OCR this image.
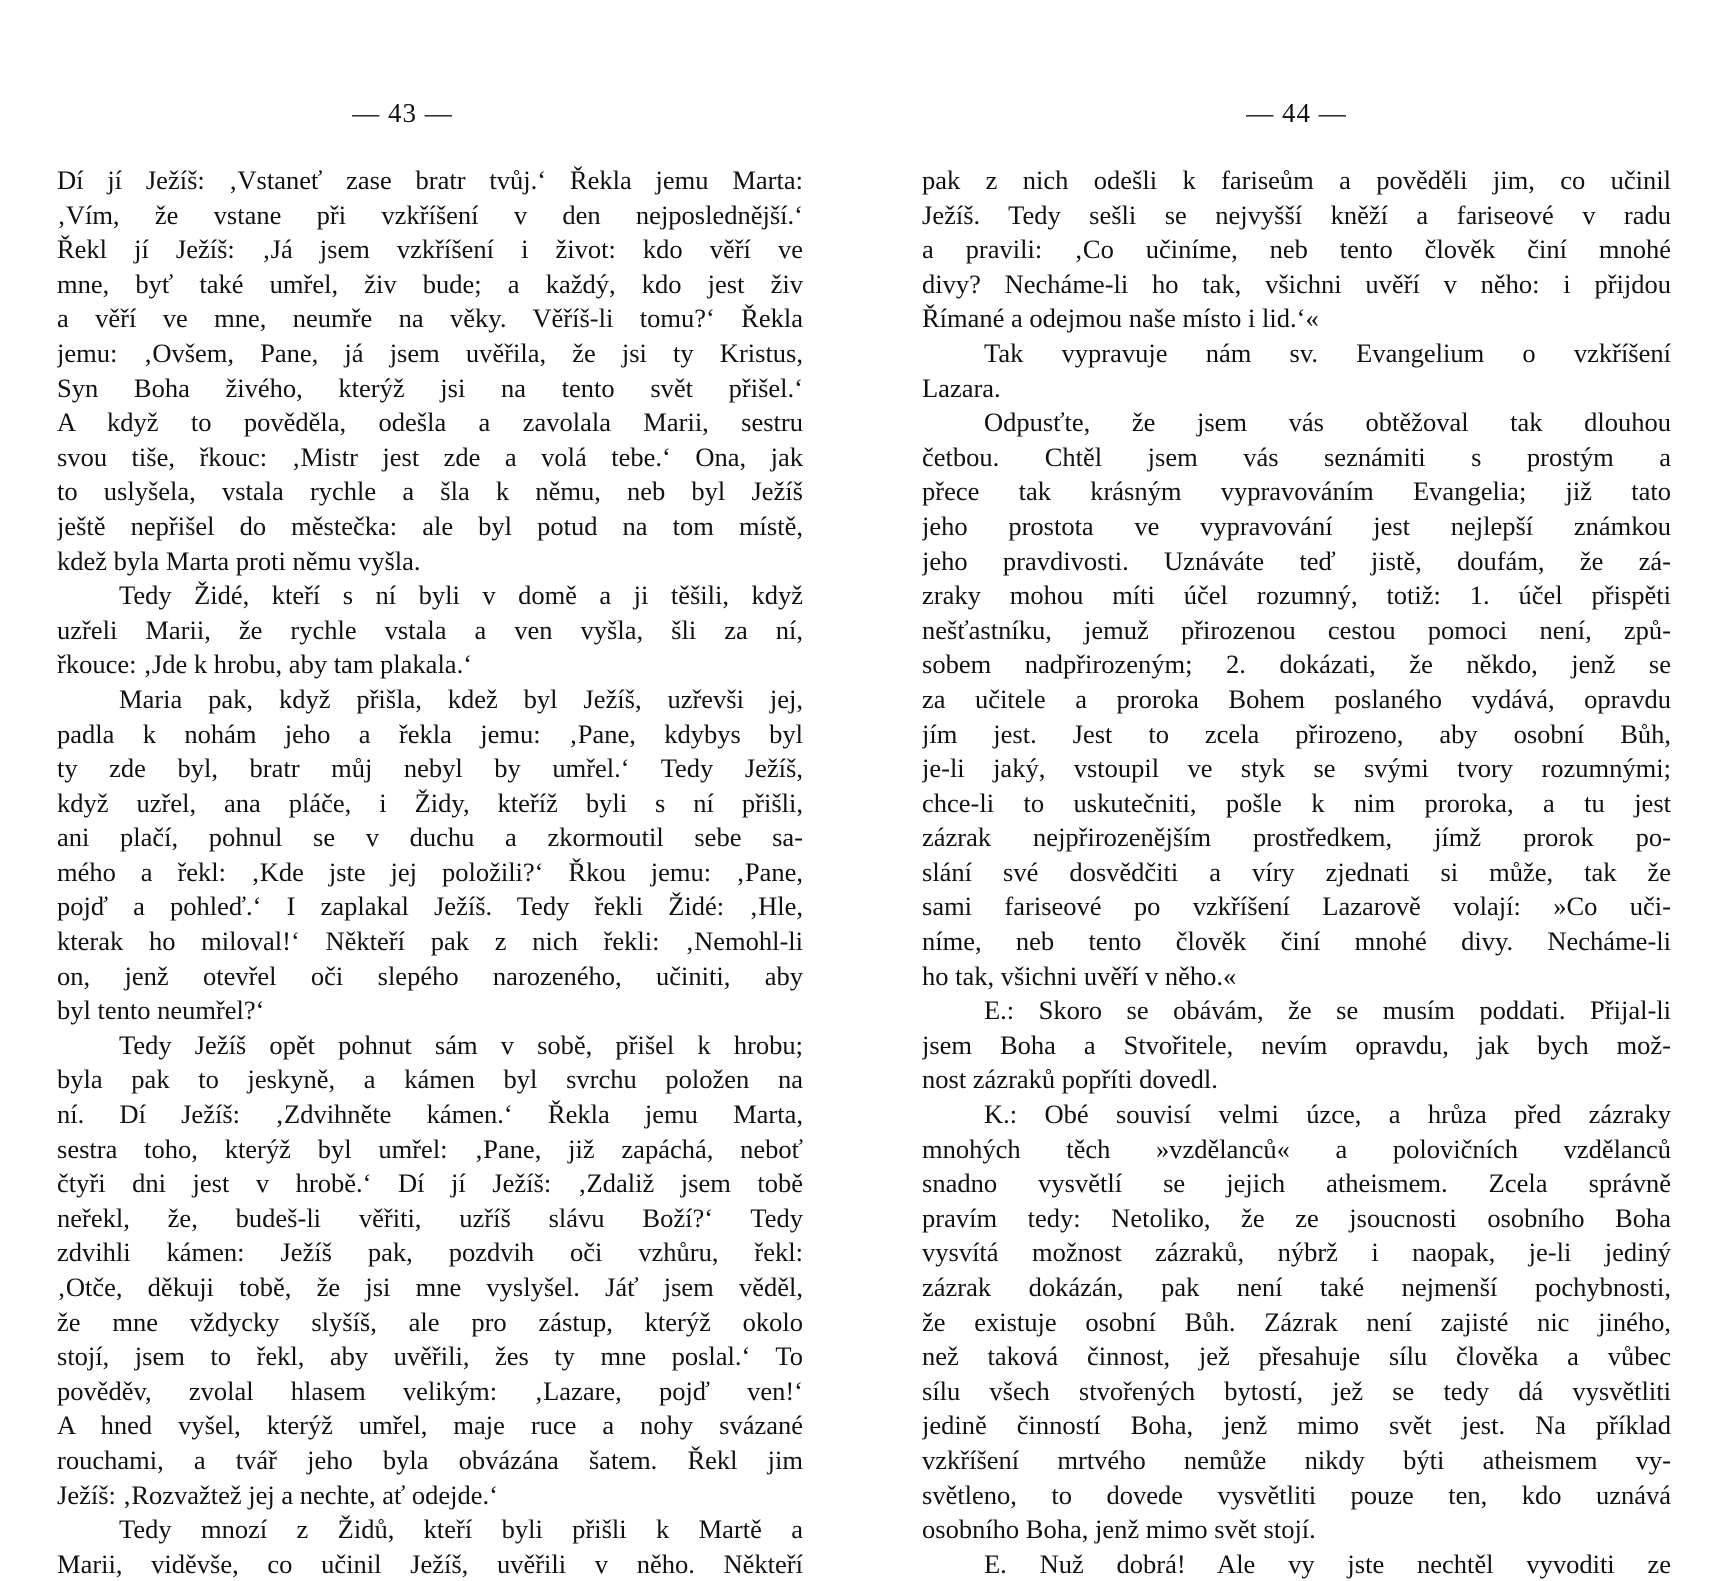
— 43 —
Dí jí Ježíš: ‚Vstaneť zase bratr tvůj.‘ Řekla jemu Marta:
‚Vím, že vstane při vzkříšení v den nejposlednější.‘
Řekl jí Ježíš: ‚Já jsem vzkříšení i život: kdo věří ve
mne, byť také umřel, živ bude; a každý, kdo jest živ
a věří ve mne, neumře na věky. Věříš-li tomu?‘ Řekla
jemu: ‚Ovšem, Pane, já jsem uvěřila, že jsi ty Kristus,
Syn Boha živého, kterýž jsi na tento svět přišel.‘
A když to pověděla, odešla a zavolala Marii, sestru
svou tiše, řkouc: ‚Mistr jest zde a volá tebe.‘ Ona, jak
to uslyšela, vstala rychle a šla k němu, neb byl Ježíš
ještě nepřišel do městečka: ale byl potud na tom místě,
kdež byla Marta proti němu vyšla.
Tedy Židé, kteří s ní byli v domě a ji těšili, když
uzřeli Marii, že rychle vstala a ven vyšla, šli za ní,
řkouce: ‚Jde k hrobu, aby tam plakala.‘
Maria pak, když přišla, kdež byl Ježíš, uzřevši jej,
padla k nohám jeho a řekla jemu: ‚Pane, kdybys byl
ty zde byl, bratr můj nebyl by umřel.‘ Tedy Ježíš,
když uzřel, ana pláče, i Židy, kteříž byli s ní přišli,
ani plačí, pohnul se v duchu a zkormoutil sebe sa-
mého a řekl: ‚Kde jste jej položili?‘ Řkou jemu: ‚Pane,
pojď a pohleď.‘ I zaplakal Ježíš. Tedy řekli Židé: ‚Hle,
kterak ho miloval!‘ Někteří pak z nich řekli: ‚Nemohl-li
on, jenž otevřel oči slepého narozeného, učiniti, aby
byl tento neumřel?‘
Tedy Ježíš opět pohnut sám v sobě, přišel k hrobu;
byla pak to jeskyně, a kámen byl svrchu položen na
ní. Dí Ježíš: ‚Zdvihněte kámen.‘ Řekla jemu Marta,
sestra toho, kterýž byl umřel: ‚Pane, již zapáchá, neboť
čtyři dni jest v hrobě.‘ Dí jí Ježíš: ‚Zdaliž jsem tobě
neřekl, že, budeš-li věřiti, uzříš slávu Boží?‘ Tedy
zdvihli kámen: Ježíš pak, pozdvih oči vzhůru, řekl:
‚Otče, děkuji tobě, že jsi mne vyslyšel. Jáť jsem věděl,
že mne vždycky slyšíš, ale pro zástup, kterýž okolo
stojí, jsem to řekl, aby uvěřili, žes ty mne poslal.‘ To
pověděv, zvolal hlasem velikým: ‚Lazare, pojď ven!‘
A hned vyšel, kterýž umřel, maje ruce a nohy svázané
rouchami, a tvář jeho byla obvázána šatem. Řekl jim
Ježíš: ‚Rozvažtež jej a nechte, ať odejde.‘
Tedy mnozí z Židů, kteří byli přišli k Martě a
Marii, viděvše, co učinil Ježíš, uvěřili v něho. Někteří
— 44 —
pak z nich odešli k fariseům a pověděli jim, co učinil
Ježíš. Tedy sešli se nejvyšší kněží a fariseové v radu
a pravili: ‚Co učiníme, neb tento člověk činí mnohé
divy? Necháme-li ho tak, všichni uvěří v něho: i přijdou
Římané a odejmou naše místo i lid.‘«
Tak vypravuje nám sv. Evangelium o vzkříšení
Lazara.
Odpusťte, že jsem vás obtěžoval tak dlouhou
četbou. Chtěl jsem vás seznámiti s prostým a
přece tak krásným vypravováním Evangelia; již tato
jeho prostota ve vypravování jest nejlepší známkou
jeho pravdivosti. Uznáváte teď jistě, doufám, že zá-
zraky mohou míti účel rozumný, totiž: 1. účel přispěti
nešťastníku, jemuž přirozenou cestou pomoci není, způ-
sobem nadpřirozeným; 2. dokázati, že někdo, jenž se
za učitele a proroka Bohem poslaného vydává, opravdu
jím jest. Jest to zcela přirozeno, aby osobní Bůh,
je-li jaký, vstoupil ve styk se svými tvory rozumnými;
chce-li to uskutečniti, pošle k nim proroka, a tu jest
zázrak nejpřirozenějším prostředkem, jímž prorok po-
slání své dosvědčiti a víry zjednati si může, tak že
sami fariseové po vzkříšení Lazarově volají: »Co uči-
níme, neb tento člověk činí mnohé divy. Necháme-li
ho tak, všichni uvěří v něho.«
E.: Skoro se obávám, že se musím poddati. Přijal-li
jsem Boha a Stvořitele, nevím opravdu, jak bych mož-
nost zázraků popříti dovedl.
K.: Obé souvisí velmi úzce, a hrůza před zázraky
mnohých těch »vzdělanců« a polovičních vzdělanců
snadno vysvětlí se jejich atheismem. Zcela správně
pravím tedy: Netoliko, že ze jsoucnosti osobního Boha
vysvítá možnost zázraků, nýbrž i naopak, je-li jediný
zázrak dokázán, pak není také nejmenší pochybnosti,
že existuje osobní Bůh. Zázrak není zajisté nic jiného,
než taková činnost, jež přesahuje sílu člověka a vůbec
sílu všech stvořených bytostí, jež se tedy dá vysvětliti
jedině činností Boha, jenž mimo svět jest. Na příklad
vzkříšení mrtvého nemůže nikdy býti atheismem vy-
světleno, to dovede vysvětliti pouze ten, kdo uznává
osobního Boha, jenž mimo svět stojí.
E. Nuž dobrá! Ale vy jste nechtěl vyvoditi ze
